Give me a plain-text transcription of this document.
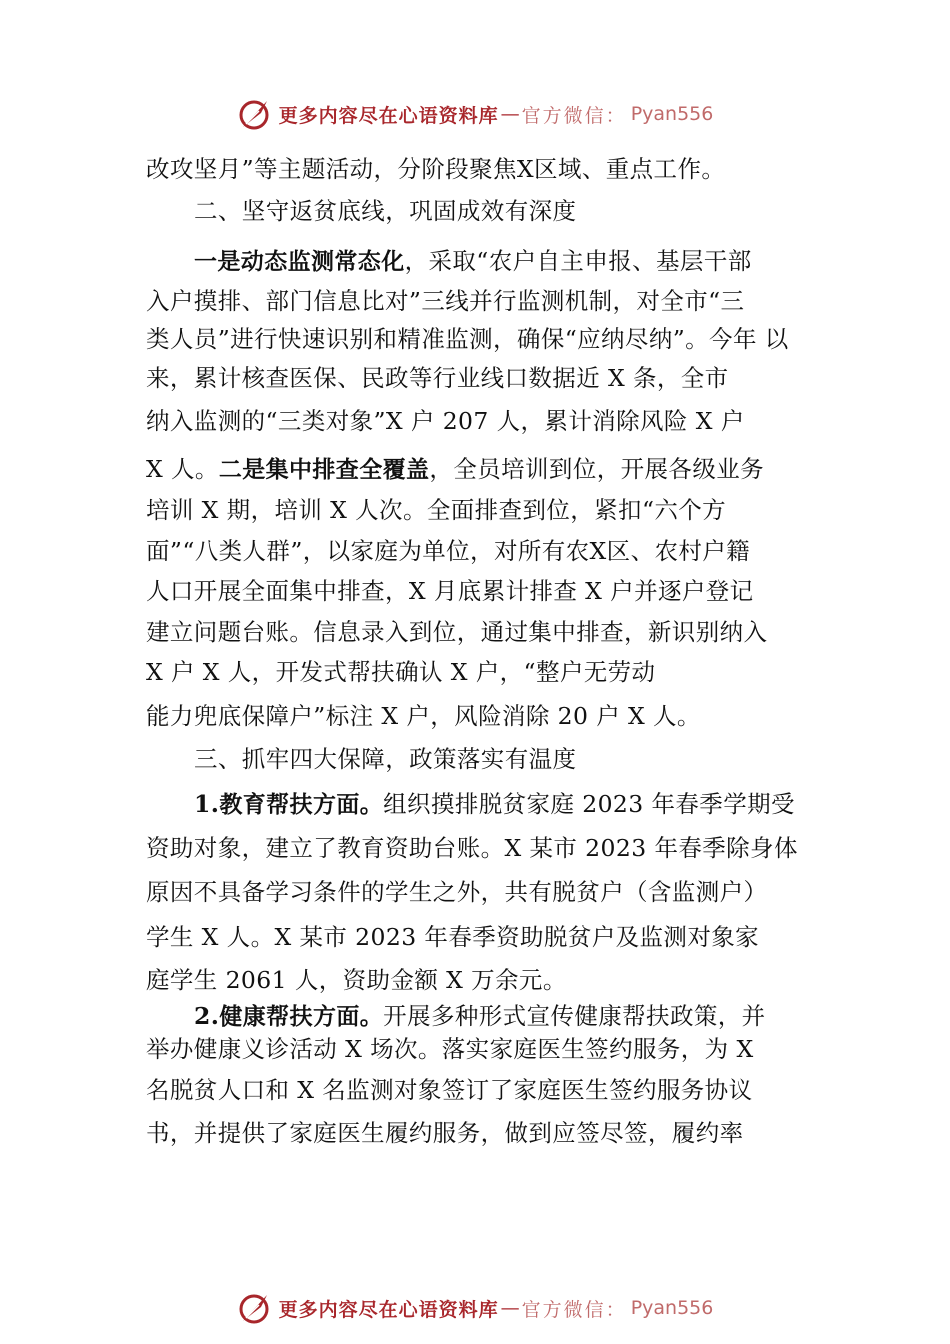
更多内容尽在心语资料库 — 官方微信： Pyan556
改攻坚月”等主题活动，分阶段聚焦X区域、重点工作。
二、坚守返贫底线，巩固成效有深度
一是动态监测常态化，采取“农户自主申报、基层干部
入户摸排、部门信息比对”三线并行监测机制，对全市“三
类人员”进行快速识别和精准监测，确保“应纳尽纳”。今年 以
来，累计核查医保、民政等行业线口数据近 X 条，全市
纳入监测的“三类对象”X 户 207 人，累计消除风险 X 户
X 人。二是集中排查全覆盖，全员培训到位，开展各级业务
培训 X 期，培训 X 人次。全面排查到位，紧扣“六个方
面”“八类人群”，以家庭为单位，对所有农X区、农村户籍
人口开展全面集中排查，X 月底累计排查 X 户并逐户登记
建立问题台账。信息录入到位，通过集中排查，新识别纳入
X 户 X 人，开发式帮扶确认 X 户，“整户无劳动
能力兜底保障户”标注 X 户，风险消除 20 户 X 人。
三、抓牢四大保障，政策落实有温度
1.教育帮扶方面。组织摸排脱贫家庭 2023 年春季学期受
资助对象，建立了教育资助台账。X 某市 2023 年春季除身体
原因不具备学习条件的学生之外，共有脱贫户（含监测户）
学生 X 人。X 某市 2023 年春季资助脱贫户及监测对象家
庭学生 2061 人，资助金额 X 万余元。
2.健康帮扶方面。开展多种形式宣传健康帮扶政策，并
举办健康义诊活动 X 场次。落实家庭医生签约服务，为 X
名脱贫人口和 X 名监测对象签订了家庭医生签约服务协议
书，并提供了家庭医生履约服务，做到应签尽签，履约率
更多内容尽在心语资料库 — 官方微信： Pyan556
